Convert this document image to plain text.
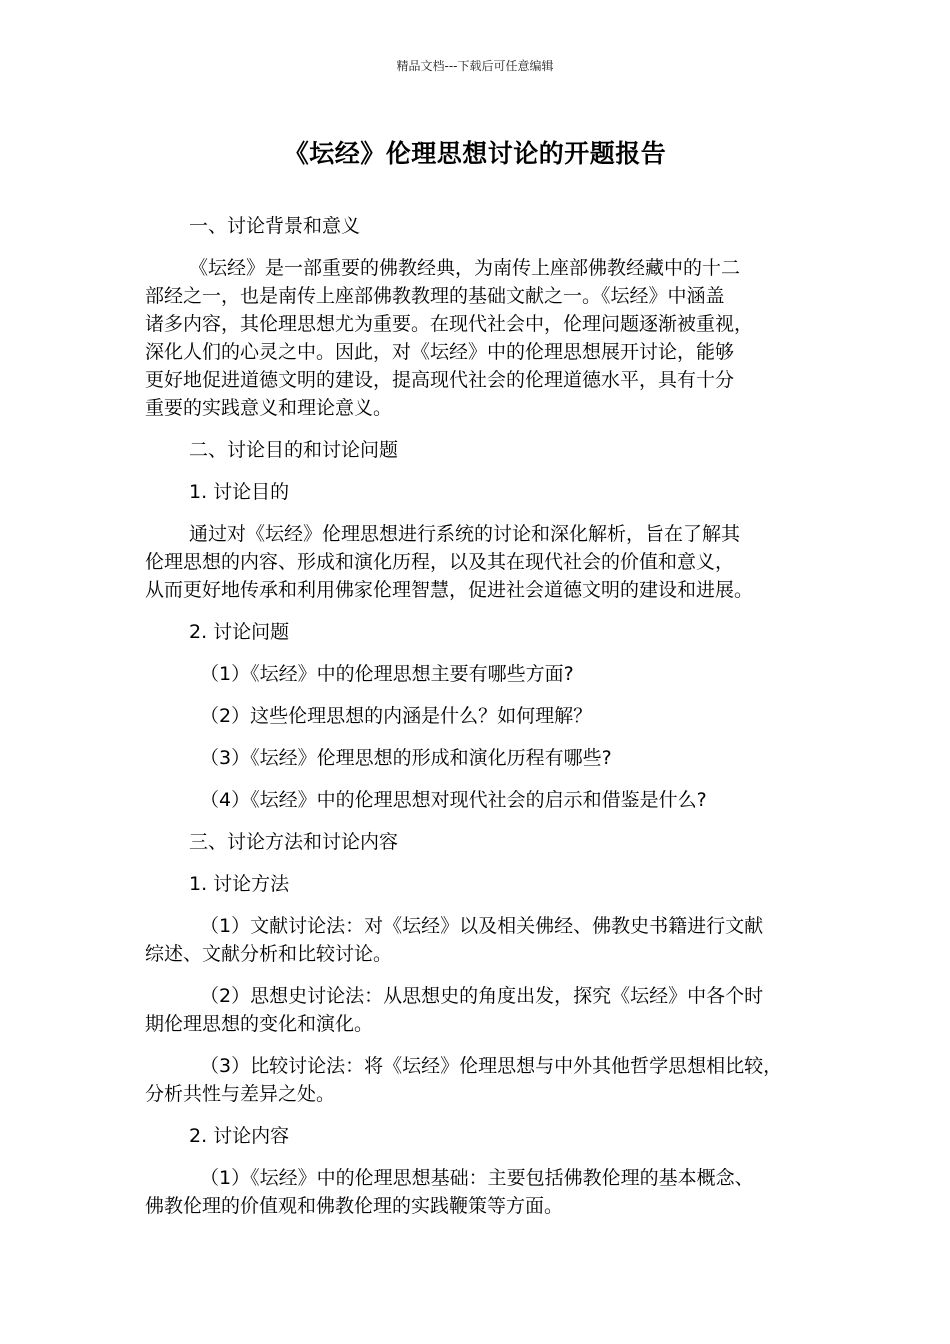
精品文档---下载后可任意编辑
《坛经》伦理思想讨论的开题报告
一、讨论背景和意义
《坛经》是一部重要的佛教经典，为南传上座部佛教经藏中的十二
部经之一，也是南传上座部佛教教理的基础文献之一。《坛经》中涵盖
诸多内容，其伦理思想尤为重要。在现代社会中，伦理问题逐渐被重视，
深化人们的心灵之中。因此，对《坛经》中的伦理思想展开讨论，能够
更好地促进道德文明的建设，提高现代社会的伦理道德水平，具有十分
重要的实践意义和理论意义。
二、讨论目的和讨论问题
1. 讨论目的
通过对《坛经》伦理思想进行系统的讨论和深化解析，旨在了解其
伦理思想的内容、形成和演化历程，以及其在现代社会的价值和意义，
从而更好地传承和利用佛家伦理智慧，促进社会道德文明的建设和进展。
2. 讨论问题
（1）《坛经》中的伦理思想主要有哪些方面?
（2）这些伦理思想的内涵是什么？如何理解？
（3）《坛经》伦理思想的形成和演化历程有哪些?
（4）《坛经》中的伦理思想对现代社会的启示和借鉴是什么?
三、讨论方法和讨论内容
1. 讨论方法
（1）文献讨论法：对《坛经》以及相关佛经、佛教史书籍进行文献
综述、文献分析和比较讨论。
（2）思想史讨论法：从思想史的角度出发，探究《坛经》中各个时
期伦理思想的变化和演化。
（3）比较讨论法：将《坛经》伦理思想与中外其他哲学思想相比较，
分析共性与差异之处。
2. 讨论内容
（1）《坛经》中的伦理思想基础：主要包括佛教伦理的基本概念、
佛教伦理的价值观和佛教伦理的实践鞭策等方面。
